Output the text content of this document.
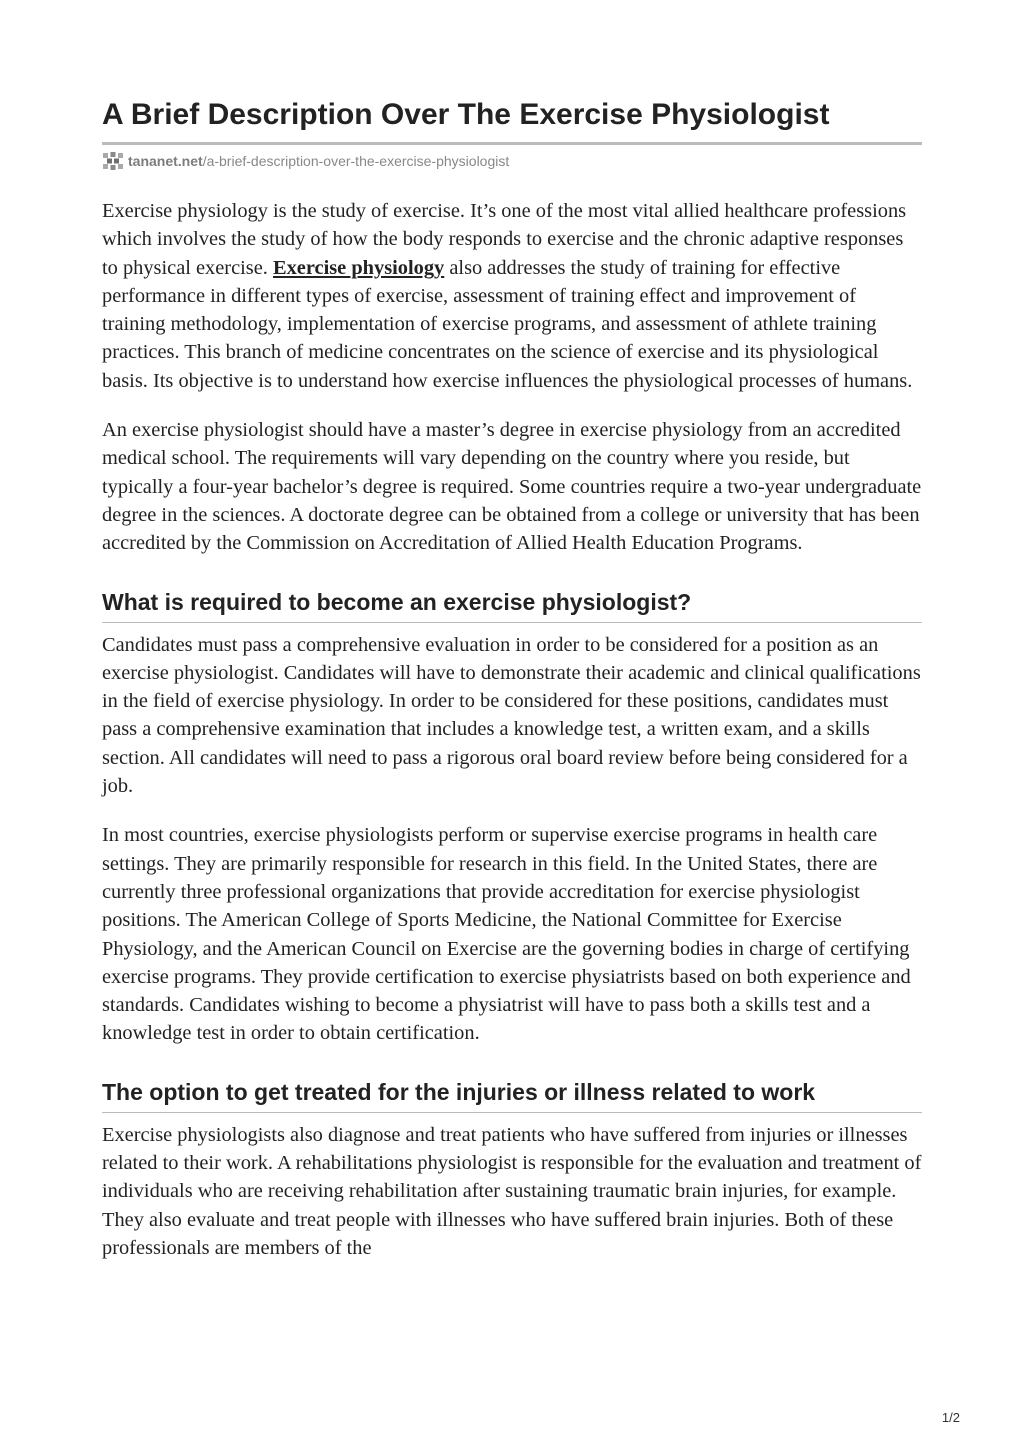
A Brief Description Over The Exercise Physiologist
tananet.net/a-brief-description-over-the-exercise-physiologist

Exercise physiology is the study of exercise. It’s one of the most vital allied healthcare professions which involves the study of how the body responds to exercise and the chronic adaptive responses to physical exercise. Exercise physiology also addresses the study of training for effective performance in different types of exercise, assessment of training effect and improvement of training methodology, implementation of exercise programs, and assessment of athlete training practices. This branch of medicine concentrates on the science of exercise and its physiological basis. Its objective is to understand how exercise influences the physiological processes of humans.

An exercise physiologist should have a master’s degree in exercise physiology from an accredited medical school. The requirements will vary depending on the country where you reside, but typically a four-year bachelor’s degree is required. Some countries require a two-year undergraduate degree in the sciences. A doctorate degree can be obtained from a college or university that has been accredited by the Commission on Accreditation of Allied Health Education Programs.

What is required to become an exercise physiologist?

Candidates must pass a comprehensive evaluation in order to be considered for a position as an exercise physiologist. Candidates will have to demonstrate their academic and clinical qualifications in the field of exercise physiology. In order to be considered for these positions, candidates must pass a comprehensive examination that includes a knowledge test, a written exam, and a skills section. All candidates will need to pass a rigorous oral board review before being considered for a job.

In most countries, exercise physiologists perform or supervise exercise programs in health care settings. They are primarily responsible for research in this field. In the United States, there are currently three professional organizations that provide accreditation for exercise physiologist positions. The American College of Sports Medicine, the National Committee for Exercise Physiology, and the American Council on Exercise are the governing bodies in charge of certifying exercise programs. They provide certification to exercise physiatrists based on both experience and standards. Candidates wishing to become a physiatrist will have to pass both a skills test and a knowledge test in order to obtain certification.

The option to get treated for the injuries or illness related to work

Exercise physiologists also diagnose and treat patients who have suffered from injuries or illnesses related to their work. A rehabilitations physiologist is responsible for the evaluation and treatment of individuals who are receiving rehabilitation after sustaining traumatic brain injuries, for example. They also evaluate and treat people with illnesses who have suffered brain injuries. Both of these professionals are members of the

1/2
